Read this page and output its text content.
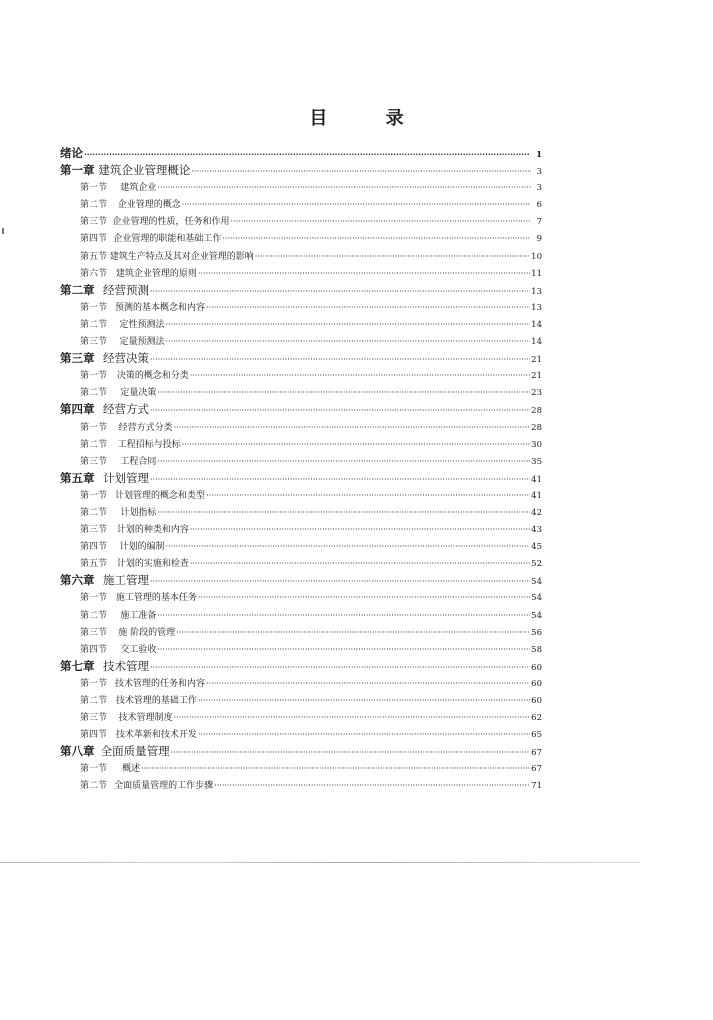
目 录
绪论 ·····	1
第一章 建筑企业管理概论 ·····	3
第一节	建筑企业 ·····	3
第二节	企业管理的概念 ·····	6
第三节 企业管理的性质，任务和作用 ·····	7
第四节 企业管理的职能和基础工作 ·····	9
第五节 建筑生产特点及其对企业管理的影响 ·····	10
第六节 建筑企业管理的原则 ·····	11
第二章 经营预测 ·····	13
第一节 预测的基本概念和内容 ·····	13
第二节	定性预测法 ·····	14
第三节	定量预测法 ·····	14
第三章 经营决策 ·····	21
第一节	决策的概念和分类 ·····	21
第二节	定量决策 ·····	23
第四章 经营方式 ·····	28
第一节	经营方式分类 ·····	28
第二节	工程招标与投标 ·····	30
第三节	工程合同 ·····	35
第五章 计划管理 ·····	41
第一节 计划管理的概念和类型 ·····	41
第二节	计划指标 ·····	42
第三节	计划的种类和内容 ·····	43
第四节	计划的编制 ·····	45
第五节	计划的实施和检查 ·····	52
第六章 施工管理 ·····	54
第一节 施工管理的基本任务 ·····	54
第二节	施工准备 ·····	54
第三节	施 阶段的管理 ·····	56
第四节	交工验收 ·····	58
第七章 技术管理 ·····	60
第一节 技术管理的任务和内容 ·····	60
第二节 技术管理的基础工作 ·····	60
第三节	技术管理制度 ·····	62
第四节 技术革新和技术开发 ·····	65
第八章 全面质量管理 ·····	67
第一节	概述 ·····	67
第二节 全面质量管理的工作步骤 ·····	71
